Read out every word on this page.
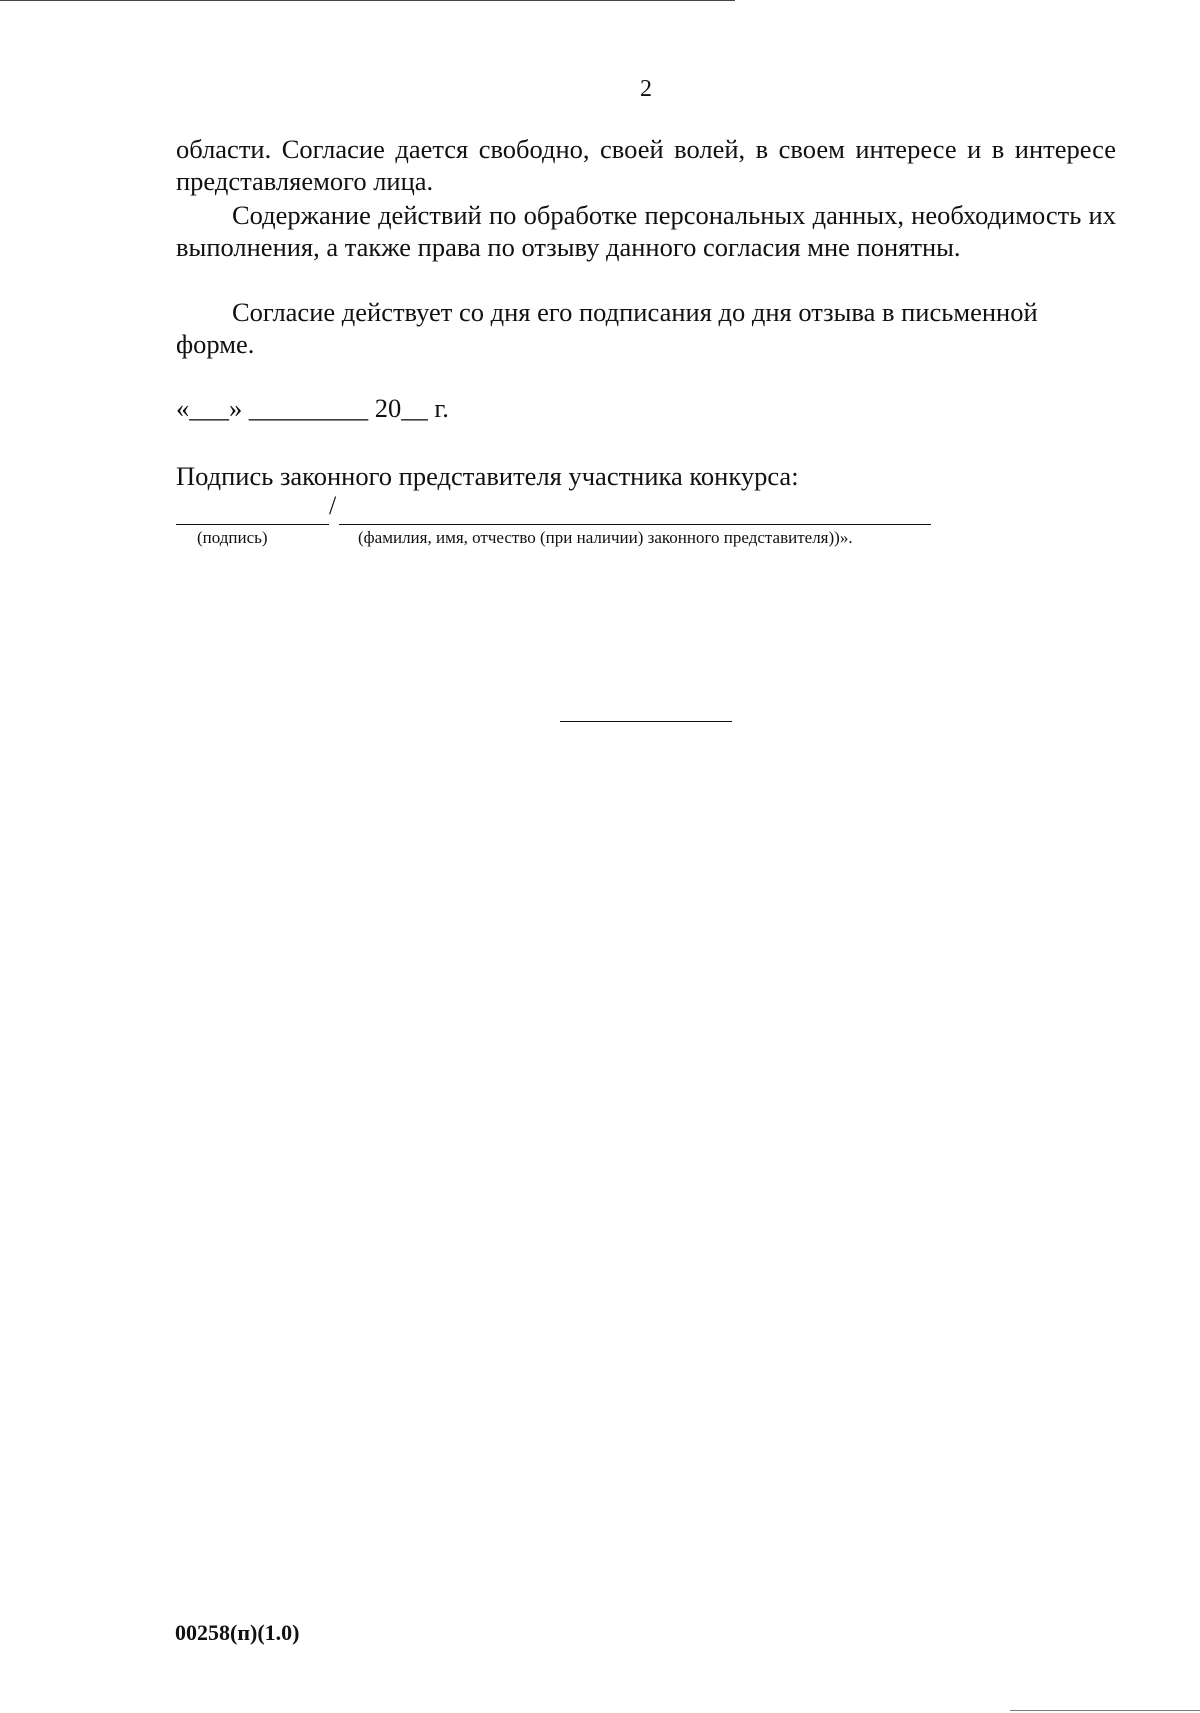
2
области. Согласие дается свободно, своей волей, в своем интересе и в интересе представляемого лица.
Содержание действий по обработке персональных данных, необходимость их выполнения, а также права по отзыву данного согласия мне понятны.
Согласие действует со дня его подписания до дня отзыва в письменной форме.
«___» _________ 20__ г.
Подпись законного представителя участника конкурса:
/
(подпись)	(фамилия, имя, отчество (при наличии) законного представителя))».
00258(п)(1.0)
